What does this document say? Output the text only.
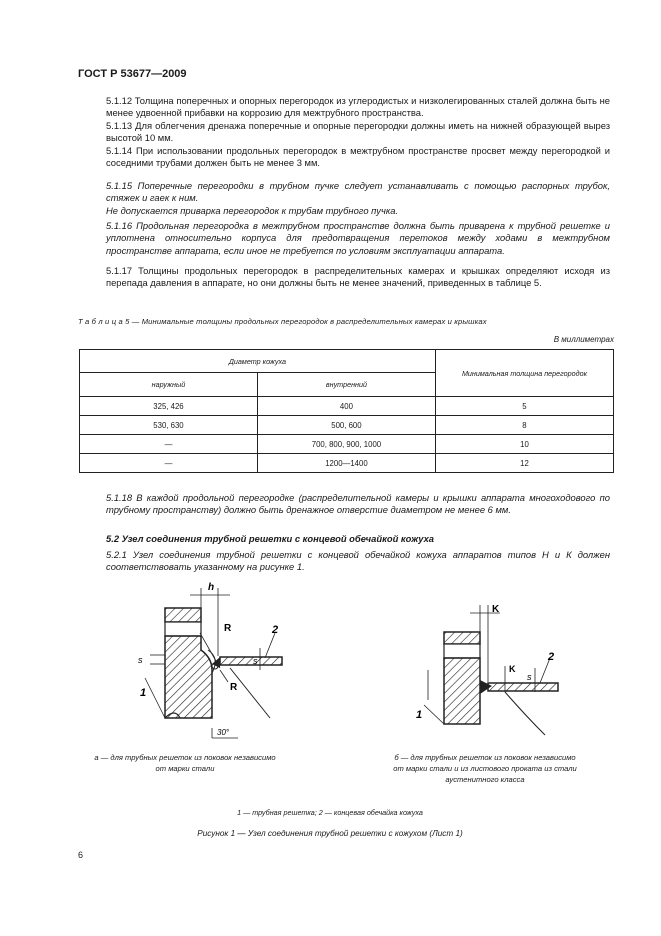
ГОСТ Р 53677—2009
5.1.12 Толщина поперечных и опорных перегородок из углеродистых и низколегированных сталей должна быть не менее удвоенной прибавки на коррозию для межтрубного пространства.
5.1.13 Для облегчения дренажа поперечные и опорные перегородки должны иметь на нижней образующей вырез высотой 10 мм.
5.1.14 При использовании продольных перегородок в межтрубном пространстве просвет между перегородкой и соседними трубами должен быть не менее 3 мм.
5.1.15 Поперечные перегородки в трубном пучке следует устанавливать с помощью распорных трубок, стяжек и гаек к ним.
Не допускается приварка перегородок к трубам трубного пучка.
5.1.16 Продольная перегородка в межтрубном пространстве должна быть приварена к трубной решетке и уплотнена относительно корпуса для предотвращения перетоков между ходами в межтрубном пространстве аппарата, если иное не требуется по условиям эксплуатации аппарата.
5.1.17 Толщины продольных перегородок в распределительных камерах и крышках определяют исходя из перепада давления в аппарате, но они должны быть не менее значений, приведенных в таблице 5.
Т а б л и ц а 5 — Минимальные толщины продольных перегородок в распределительных камерах и крышках
В миллиметрах
Диаметр кожуха		Минимальная толщина перегородок
наружный	внутренний	
325, 426	400	5
530, 630	500, 600	8
—	700, 800, 900, 1000	10
—	1200—1400	12
5.1.18 В каждой продольной перегородке (распределительной камеры и крышки аппарата многоходового по трубному пространству) должно быть дренажное отверстие диаметром не менее 6 мм.
5.2 Узел соединения трубной решетки с концевой обечайкой кожуха
5.2.1 Узел соединения трубной решетки с концевой обечайкой кожуха аппаратов типов Н и К должен соответствовать указанному на рисунке 1.
h
R
R
s
s
2
1
30°
K
K
s
2
1
а — для трубных решеток из поковок независимо
от марки стали
б — для трубных решеток из поковок независимо
от марки стали и из листового проката из стали
аустенитного класса
1 — трубная решетка; 2 — концевая обечайка кожуха
Рисунок 1 — Узел соединения трубной решетки с кожухом (Лист 1)
6
